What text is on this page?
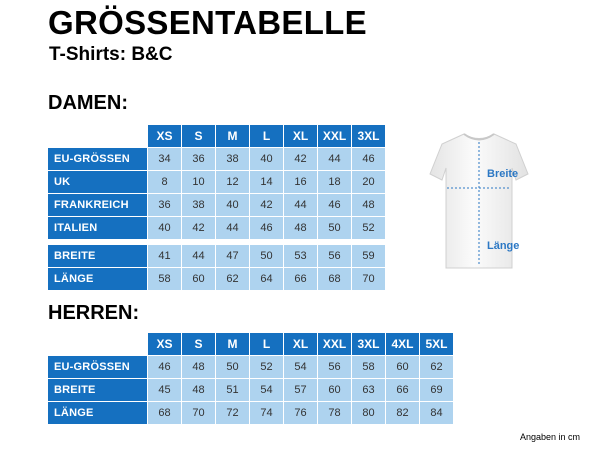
GRÖSSENTABELLE
T-Shirts: B&C
DAMEN:
	XS	S	M	L	XL	XXL	3XL
EU-GRÖSSEN	34	36	38	40	42	44	46
UK	8	10	12	14	16	18	20
FRANKREICH	36	38	40	42	44	46	48
ITALIEN	40	42	44	46	48	50	52

BREITE	41	44	47	50	53	56	59
LÄNGE	58	60	62	64	66	68	70
Breite
Länge
HERREN:
	XS	S	M	L	XL	XXL	3XL	4XL	5XL
EU-GRÖSSEN	46	48	50	52	54	56	58	60	62
BREITE	45	48	51	54	57	60	63	66	69
LÄNGE	68	70	72	74	76	78	80	82	84
Angaben in cm
